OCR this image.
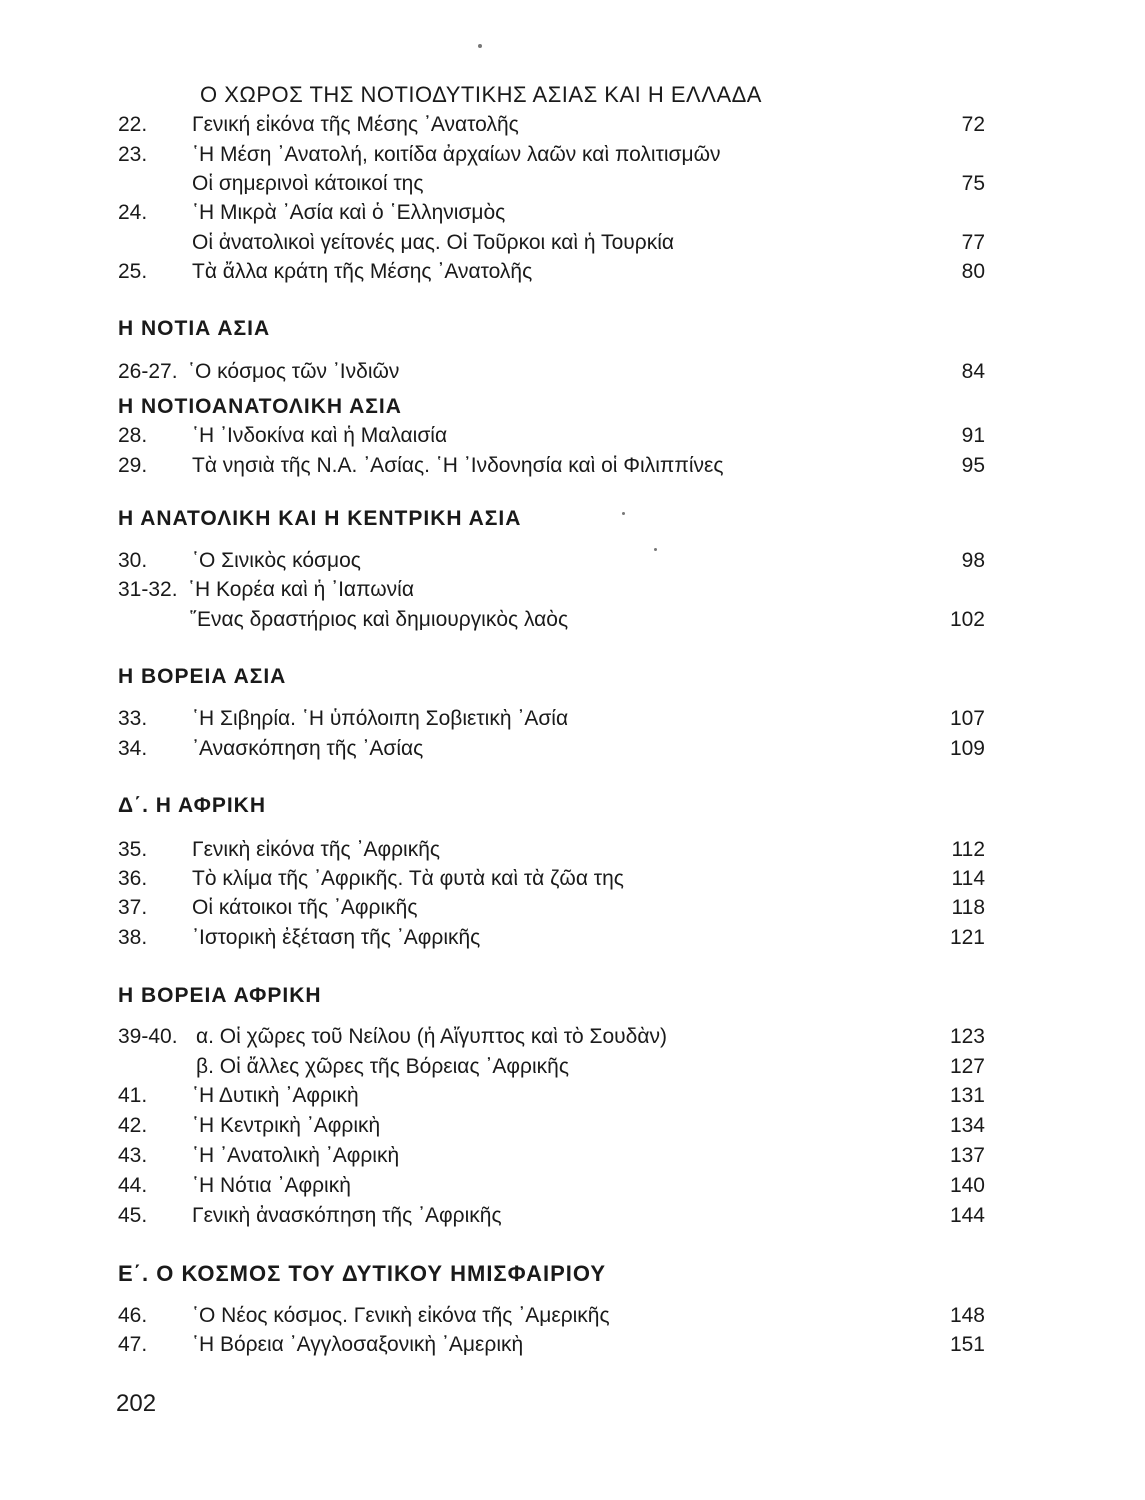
Ο ΧΩΡΟΣ ΤΗΣ ΝΟΤΙΟΔΥΤΙΚΗΣ ΑΣΙΑΣ ΚΑΙ Η ΕΛΛΑΔΑ
22. Γενική εἰκόνα τῆς Μέσης ᾿Ανατολῆς	72
23. ῾Η Μέση ᾿Ανατολή, κοιτίδα ἀρχαίων λαῶν καὶ πολιτισμῶν
Οἱ σημερινοὶ κάτοικοί της	75
24. ῾Η Μικρὰ ᾿Ασία καὶ ὁ ῾Ελληνισμὸς
Οἱ ἀνατολικοὶ γείτονές μας. Οἱ Τοῦρκοι καὶ ἡ Τουρκία	77
25. Τὰ ἄλλα κράτη τῆς Μέσης ᾿Ανατολῆς	80
Η ΝΟΤΙΑ ΑΣΙΑ
26-27. ῾Ο κόσμος τῶν ᾿Ινδιῶν	84
Η ΝΟΤΙΟΑΝΑΤΟΛΙΚΗ ΑΣΙΑ
28. ῾Η ᾿Ινδοκίνα καὶ ἡ Μαλαισία	91
29. Τὰ νησιὰ τῆς Ν.Α. ᾿Ασίας. ῾Η ᾿Ινδονησία καὶ οἱ Φιλιππίνες	95
Η ΑΝΑΤΟΛΙΚΗ ΚΑΙ Η ΚΕΝΤΡΙΚΗ ΑΣΙΑ
30. ῾Ο Σινικὸς κόσμος	98
31-32. ῾Η Κορέα καὶ ἡ ᾿Ιαπωνία
῞Ενας δραστήριος καὶ δημιουργικὸς λαὸς	102
Η ΒΟΡΕΙΑ ΑΣΙΑ
33. ῾Η Σιβηρία. ῾Η ὑπόλοιπη Σοβιετικὴ ᾿Ασία	107
34. ᾿Ανασκόπηση τῆς ᾿Ασίας	109
Δ΄. Η ΑΦΡΙΚΗ
35. Γενικὴ εἰκόνα τῆς ᾿Αφρικῆς	112
36. Τὸ κλίμα τῆς ᾿Αφρικῆς. Τὰ φυτὰ καὶ τὰ ζῶα της	114
37. Οἱ κάτοικοι τῆς ᾿Αφρικῆς	118
38. ᾿Ιστορικὴ ἐξέταση τῆς ᾿Αφρικῆς	121
Η ΒΟΡΕΙΑ ΑΦΡΙΚΗ
39-40. α. Οἱ χῶρες τοῦ Νείλου (ἡ Αἴγυπτος καὶ τὸ Σουδὰν)	123
β. Οἱ ἄλλες χῶρες τῆς Βόρειας ᾿Αφρικῆς	127
41. ῾Η Δυτικὴ ᾿Αφρικὴ	131
42. ῾Η Κεντρικὴ ᾿Αφρικὴ	134
43. ῾Η ᾿Ανατολικὴ ᾿Αφρικὴ	137
44. ῾Η Νότια ᾿Αφρικὴ	140
45. Γενικὴ ἀνασκόπηση τῆς ᾿Αφρικῆς	144
Ε΄. Ο ΚΟΣΜΟΣ ΤΟΥ ΔΥΤΙΚΟΥ ΗΜΙΣΦΑΙΡΙΟΥ
46. ῾Ο Νέος κόσμος. Γενικὴ εἰκόνα τῆς ᾿Αμερικῆς	148
47. ῾Η Βόρεια ᾿Αγγλοσαξονικὴ ᾿Αμερικὴ	151
202
